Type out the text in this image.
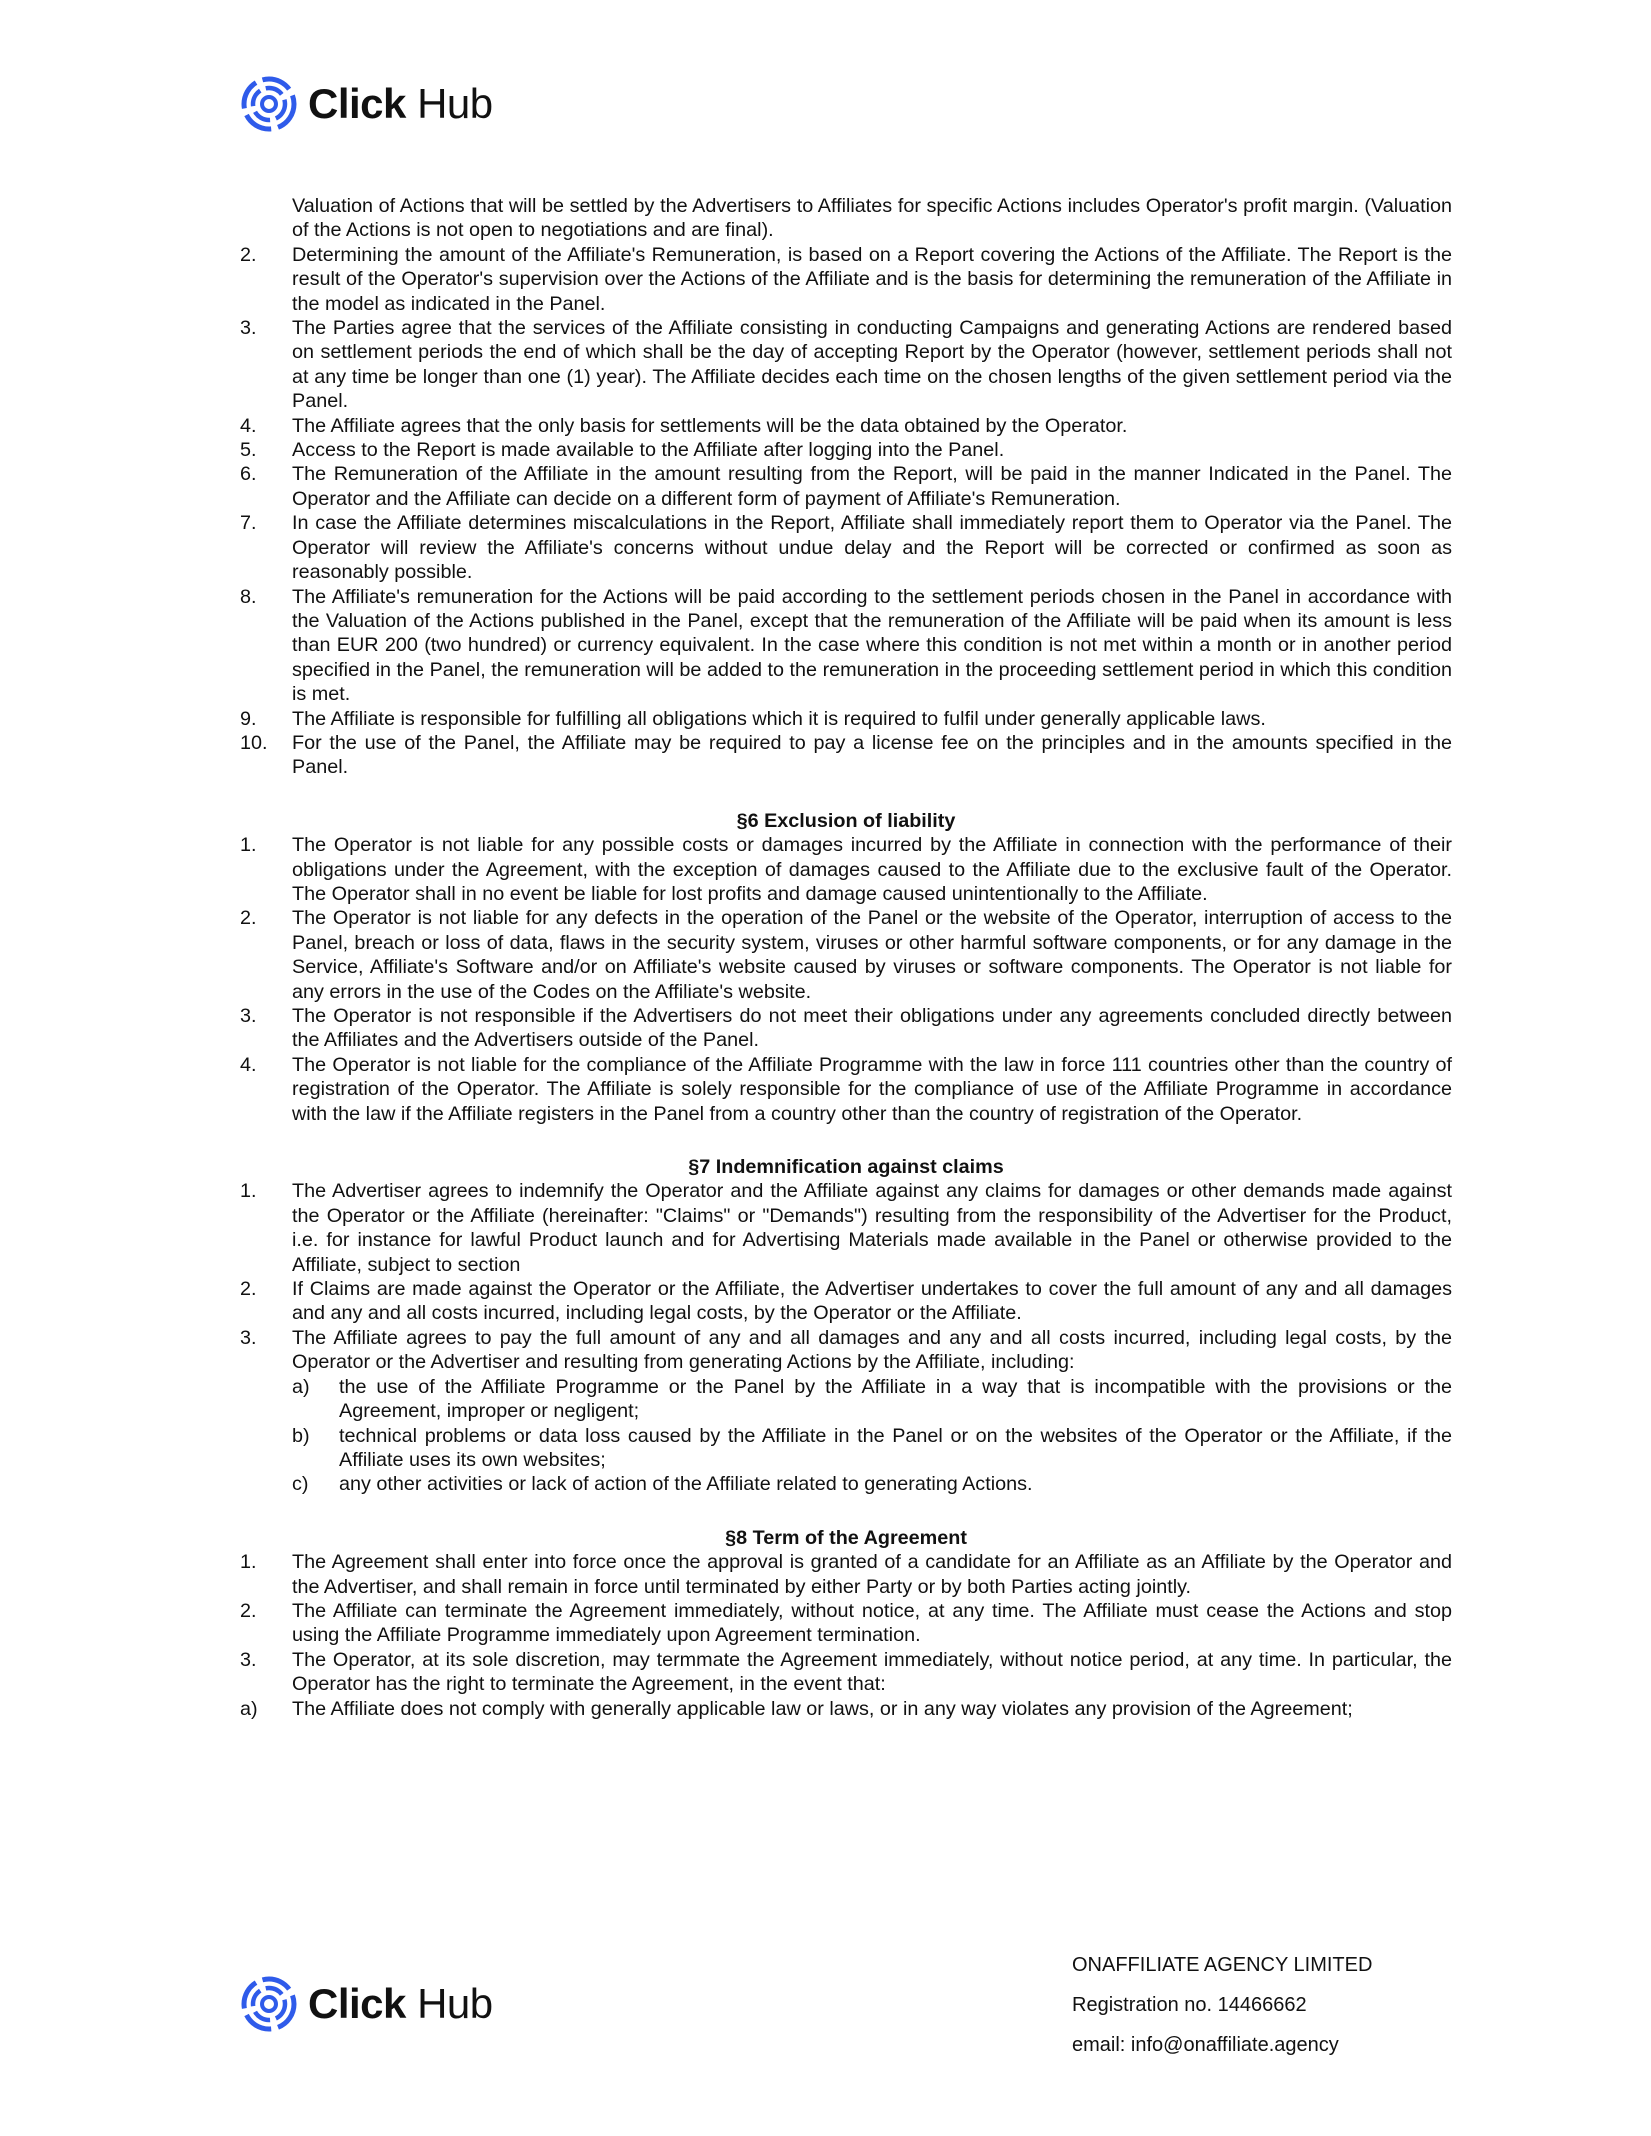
Click Hub
Valuation of Actions that will be settled by the Advertisers to Affiliates for specific Actions includes Operator's profit margin. (Valuation of the Actions is not open to negotiations and are final).
2. Determining the amount of the Affiliate's Remuneration, is based on a Report covering the Actions of the Affiliate. The Report is the result of the Operator's supervision over the Actions of the Affiliate and is the basis for determining the remuneration of the Affiliate in the model as indicated in the Panel.
3. The Parties agree that the services of the Affiliate consisting in conducting Campaigns and generating Actions are rendered based on settlement periods the end of which shall be the day of accepting Report by the Operator (however, settlement periods shall not at any time be longer than one (1) year). The Affiliate decides each time on the chosen lengths of the given settlement period via the Panel.
4. The Affiliate agrees that the only basis for settlements will be the data obtained by the Operator.
5. Access to the Report is made available to the Affiliate after logging into the Panel.
6. The Remuneration of the Affiliate in the amount resulting from the Report, will be paid in the manner Indicated in the Panel. The Operator and the Affiliate can decide on a different form of payment of Affiliate's Remuneration.
7. In case the Affiliate determines miscalculations in the Report, Affiliate shall immediately report them to Operator via the Panel. The Operator will review the Affiliate's concerns without undue delay and the Report will be corrected or confirmed as soon as reasonably possible.
8. The Affiliate's remuneration for the Actions will be paid according to the settlement periods chosen in the Panel in accordance with the Valuation of the Actions published in the Panel, except that the remuneration of the Affiliate will be paid when its amount is less than EUR 200 (two hundred) or currency equivalent. In the case where this condition is not met within a month or in another period specified in the Panel, the remuneration will be added to the remuneration in the proceeding settlement period in which this condition is met.
9. The Affiliate is responsible for fulfilling all obligations which it is required to fulfil under generally applicable laws.
10. For the use of the Panel, the Affiliate may be required to pay a license fee on the principles and in the amounts specified in the Panel.
§6 Exclusion of liability
1. The Operator is not liable for any possible costs or damages incurred by the Affiliate in connection with the performance of their obligations under the Agreement, with the exception of damages caused to the Affiliate due to the exclusive fault of the Operator. The Operator shall in no event be liable for lost profits and damage caused unintentionally to the Affiliate.
2. The Operator is not liable for any defects in the operation of the Panel or the website of the Operator, interruption of access to the Panel, breach or loss of data, flaws in the security system, viruses or other harmful software components, or for any damage in the Service, Affiliate's Software and/or on Affiliate's website caused by viruses or software components. The Operator is not liable for any errors in the use of the Codes on the Affiliate's website.
3. The Operator is not responsible if the Advertisers do not meet their obligations under any agreements concluded directly between the Affiliates and the Advertisers outside of the Panel.
4. The Operator is not liable for the compliance of the Affiliate Programme with the law in force 111 countries other than the country of registration of the Operator. The Affiliate is solely responsible for the compliance of use of the Affiliate Programme in accordance with the law if the Affiliate registers in the Panel from a country other than the country of registration of the Operator.
§7 Indemnification against claims
1. The Advertiser agrees to indemnify the Operator and the Affiliate against any claims for damages or other demands made against the Operator or the Affiliate (hereinafter: "Claims" or "Demands") resulting from the responsibility of the Advertiser for the Product, i.e. for instance for lawful Product launch and for Advertising Materials made available in the Panel or otherwise provided to the Affiliate, subject to section
2. If Claims are made against the Operator or the Affiliate, the Advertiser undertakes to cover the full amount of any and all damages and any and all costs incurred, including legal costs, by the Operator or the Affiliate.
3. The Affiliate agrees to pay the full amount of any and all damages and any and all costs incurred, including legal costs, by the Operator or the Advertiser and resulting from generating Actions by the Affiliate, including:
a) the use of the Affiliate Programme or the Panel by the Affiliate in a way that is incompatible with the provisions or the Agreement, improper or negligent;
b) technical problems or data loss caused by the Affiliate in the Panel or on the websites of the Operator or the Affiliate, if the Affiliate uses its own websites;
c) any other activities or lack of action of the Affiliate related to generating Actions.
§8 Term of the Agreement
1. The Agreement shall enter into force once the approval is granted of a candidate for an Affiliate as an Affiliate by the Operator and the Advertiser, and shall remain in force until terminated by either Party or by both Parties acting jointly.
2. The Affiliate can terminate the Agreement immediately, without notice, at any time. The Affiliate must cease the Actions and stop using the Affiliate Programme immediately upon Agreement termination.
3. The Operator, at its sole discretion, may termmate the Agreement immediately, without notice period, at any time. In particular, the Operator has the right to terminate the Agreement, in the event that:
a) The Affiliate does not comply with generally applicable law or laws, or in any way violates any provision of the Agreement;
Click Hub
ONAFFILIATE AGENCY LIMITED
Registration no. 14466662
email: info@onaffiliate.agency
